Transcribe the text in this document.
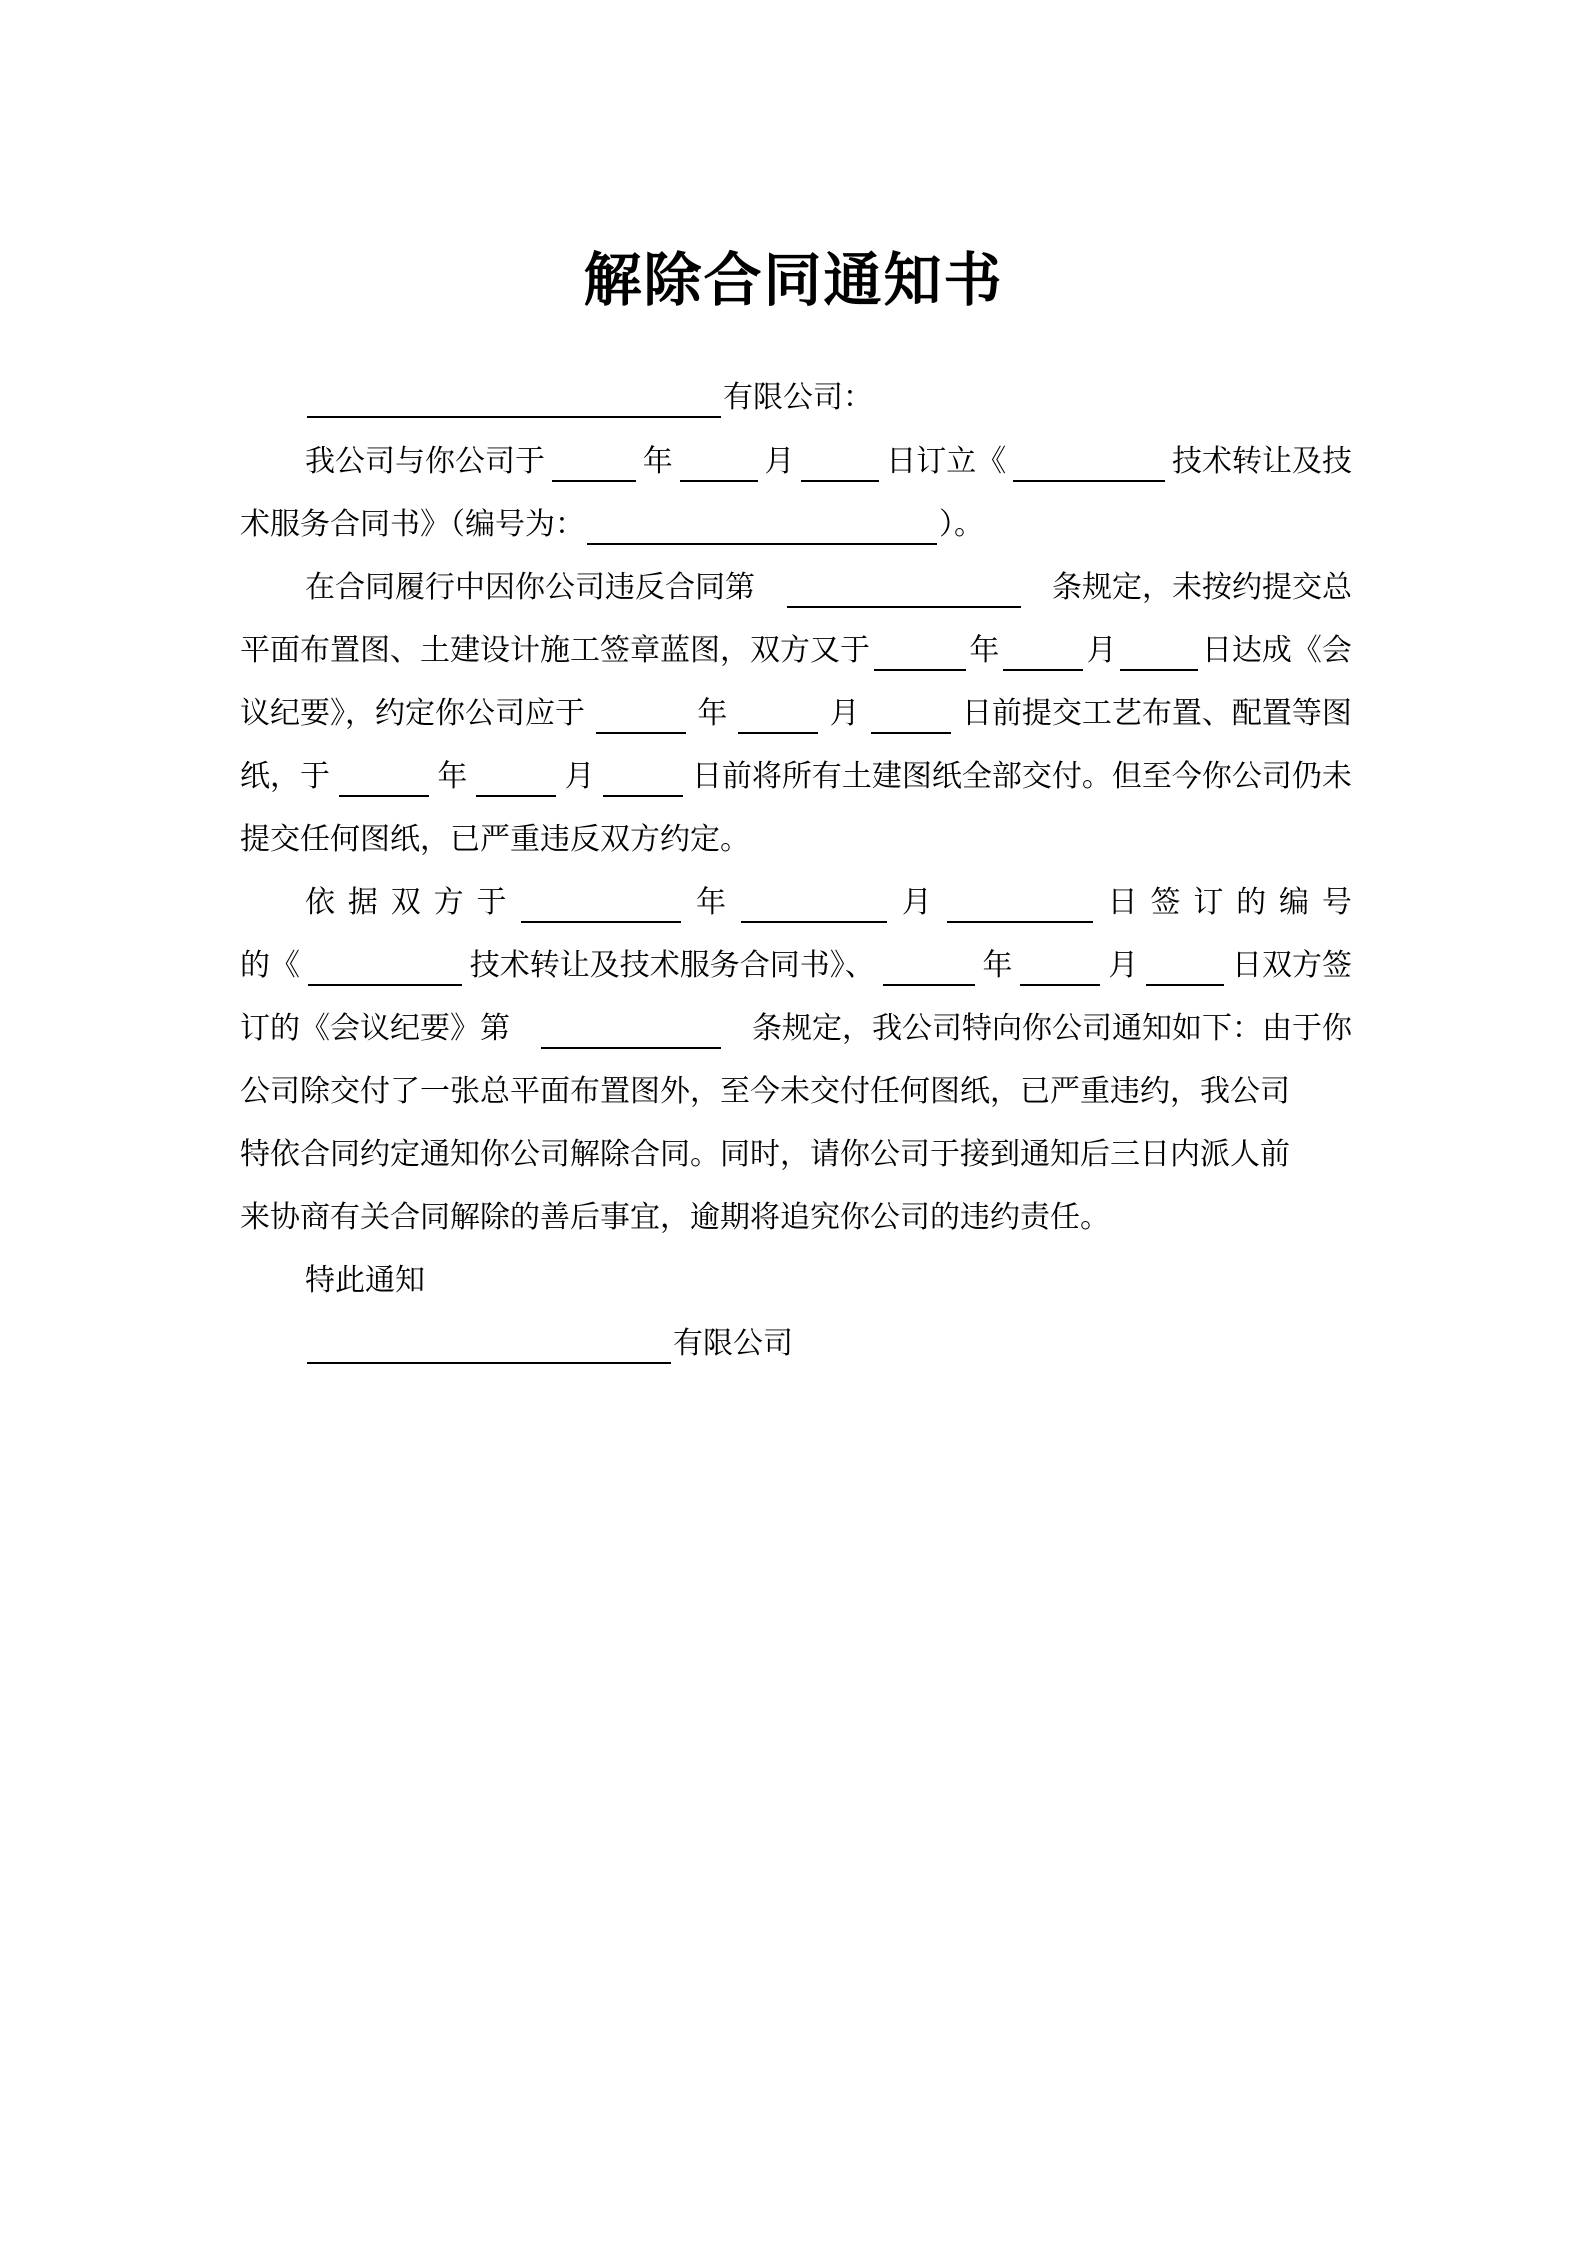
解除合同通知书
有限公司：
我公司与你公司于	年	月	日订立《	技术转让及技
术服务合同书》（编号为：	）。
在合同履行中因你公司违反合同第	条规定，未按约提交总
平面布置图、土建设计施工签章蓝图，双方又于	年	月	日达成《会
议纪要》，约定你公司应于	年	月	日前提交工艺布置、配置等图
纸，于	年	月	日前将所有土建图纸全部交付。但至今你公司仍未
提交任何图纸，已严重违反双方约定。
依 据 双 方 于	年	月	日 签 订 的 编 号
的《	技术转让及技术服务合同书》、	年	月	日双方签
订的《会议纪要》第	条规定，我公司特向你公司通知如下：由于你
公司除交付了一张总平面布置图外，至今未交付任何图纸，已严重违约，我公司
特依合同约定通知你公司解除合同。同时，请你公司于接到通知后三日内派人前
来协商有关合同解除的善后事宜，逾期将追究你公司的违约责任。
特此通知
有限公司
